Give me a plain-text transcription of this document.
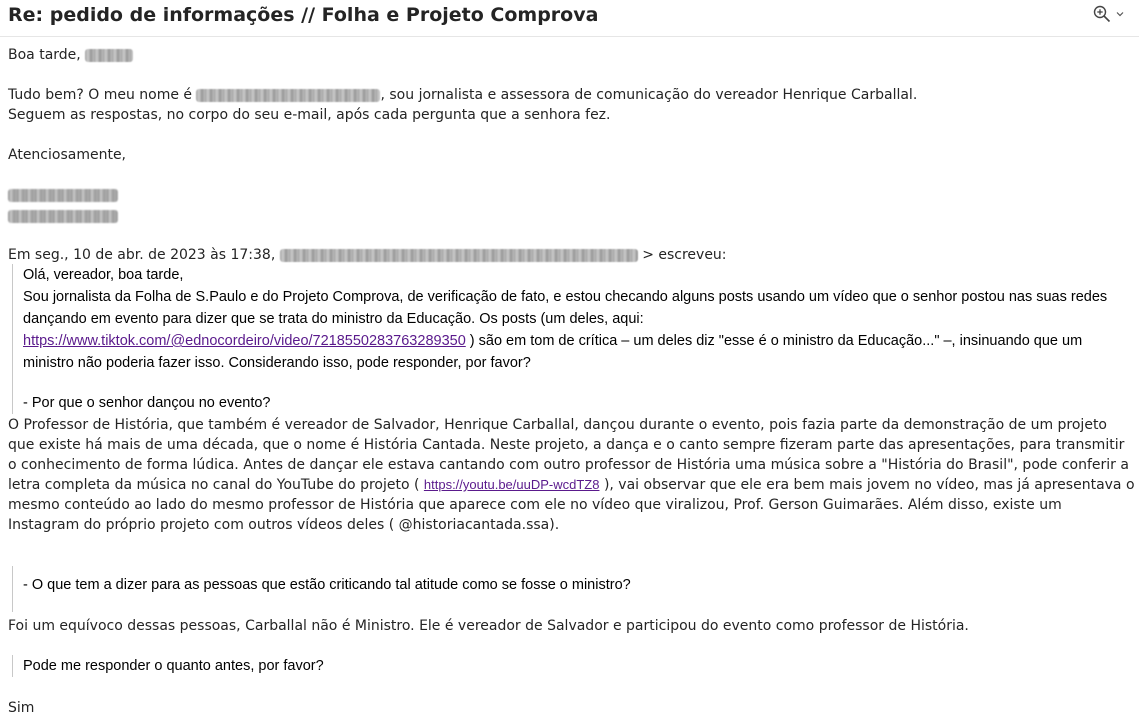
Re: pedido de informações // Folha e Projeto Comprova
Boa tarde,
Tudo bem? O meu nome é	, sou jornalista e assessora de comunicação do vereador Henrique Carballal.
Seguem as respostas, no corpo do seu e-mail, após cada pergunta que a senhora fez.
Atenciosamente,
Em seg., 10 de abr. de 2023 às 17:38,	> escreveu:

Olá, vereador, boa tarde,

Sou jornalista da Folha de S.Paulo e do Projeto Comprova, de verificação de fato, e estou checando alguns posts usando um vídeo que o senhor postou nas suas redes

dançando em evento para dizer que se trata do ministro da Educação. Os posts (um deles, aqui:

https://www.tiktok.com/@ednocordeiro/video/7218550283763289350 ) são em tom de crítica – um deles diz "esse é o ministro da Educação..." –, insinuando que um

ministro não poderia fazer isso. Considerando isso, pode responder, por favor?

- Por que o senhor dançou no evento?

O Professor de História, que também é vereador de Salvador, Henrique Carballal, dançou durante o evento, pois fazia parte da demonstração de um projeto que existe há mais de uma década, que o nome é História Cantada. Neste projeto, a dança e o canto sempre fizeram parte das apresentações, para transmitir o conhecimento de forma lúdica. Antes de dançar ele estava cantando com outro professor de História uma música sobre a "História do Brasil", pode conferir a letra completa da música no canal do YouTube do projeto ( https://youtu.be/uuDP-wcdTZ8 ), vai observar que ele era bem mais jovem no vídeo, mas já apresentava o mesmo conteúdo ao lado do mesmo professor de História que aparece com ele no vídeo que viralizou, Prof. Gerson Guimarães. Além disso, existe um Instagram do próprio projeto com outros vídeos deles ( @historiacantada.ssa).

- O que tem a dizer para as pessoas que estão criticando tal atitude como se fosse o ministro?

Foi um equívoco dessas pessoas, Carballal não é Ministro. Ele é vereador de Salvador e participou do evento como professor de História.

Pode me responder o quanto antes, por favor?

Sim
